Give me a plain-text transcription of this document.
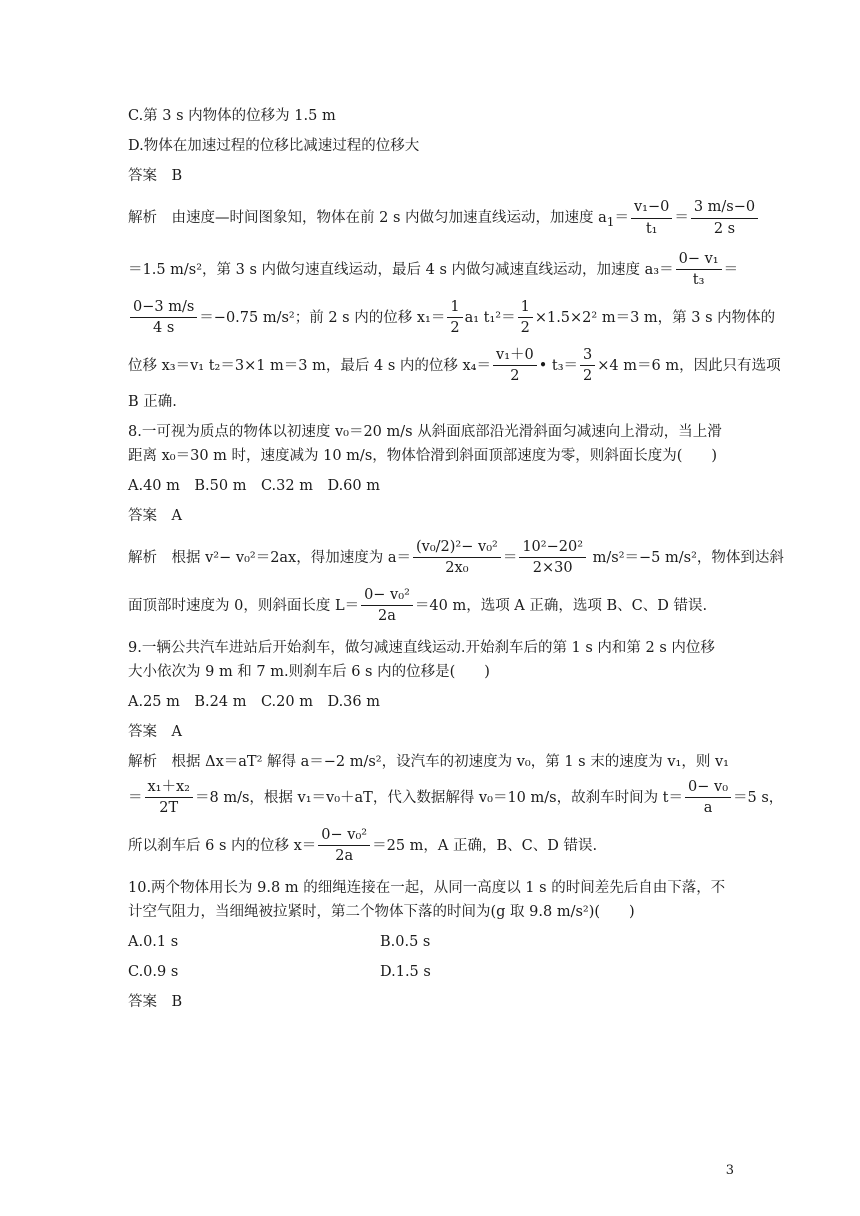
C.第 3 s 内物体的位移为 1.5 m

D.物体在加速过程的位移比减速过程的位移大

答案　B

解析　由速度—时间图象知，物体在前 2 s 内做匀加速直线运动，加速度 $a_1= \frac{\text{v₁−0}}{\text{t₁}} = \frac{3 m/s-0}{2 s}$

＝1.5 m/s²，第 3 s 内做匀速直线运动，最后 4 s 内做匀减速直线运动，加速度 $a_3= \frac{\text{0− v₁}}{\text{t₃}}$ ＝

$\frac{0-3 m/s}{4 s} =-0.75$ m/s²；前 2 s 内的位移 $x_1= \frac{1}{2} a_1$ $t_1^2= \frac{1}{2} \times 1.5\times 2^2$ m＝3 m，第 3 s 内物体的

位移 x₃＝v₁ t₂＝3×1 m＝3 m，最后 4 s 内的位移 $x_4= \frac{\text{v₁＋0}}{2}$ • $t_3= \frac{3}{2} \times 4$ m＝6 m，因此只有选项

B 正确.

8.一可视为质点的物体以初速度 v₀＝20 m/s 从斜面底部沿光滑斜面匀减速向上滑动，当上滑

距离 x₀＝30 m 时，速度减为 10 m/s，物体恰滑到斜面顶部速度为零，则斜面长度为(　　)

A.40 m　B.50 m　C.32 m　D.60 m

答案　A

解析　根据 v²− v₀²＝2ax，得加速度为 $a= \frac{\text{(v₀/2)²− v₀²}}{\text{2x₀}} = \frac{\text{10²−20²}}{2\times 30} m/s^2=-5$ m/s²，物体到达斜

面顶部时速度为 0，则斜面长度 $L= \frac{\text{0− v₀²}}{2a} =40$ m，选项 A 正确，选项 B、C、D 错误.

9.一辆公共汽车进站后开始刹车，做匀减速直线运动.开始刹车后的第 1 s 内和第 2 s 内位移

大小依次为 9 m 和 7 m.则刹车后 6 s 内的位移是(　　)

A.25 m　B.24 m　C.20 m　D.36 m

答案　A

解析　根据 Δx＝aT² 解得 a＝−2 m/s²，设汽车的初速度为 v₀，第 1 s 末的速度为 v₁，则 v₁

＝ $\frac{\text{x₁＋x₂}}{2T} =8$ m/s，根据 v₁＝v₀＋aT，代入数据解得 v₀＝10 m/s，故刹车时间为 $t= \frac{\text{0− v₀}}{a} =5$ s，

所以刹车后 6 s 内的位移 $x= \frac{\text{0− v₀²}}{2a} =25$ m，A 正确，B、C、D 错误.

10.两个物体用长为 9.8 m 的细绳连接在一起，从同一高度以 1 s 的时间差先后自由下落，不

计空气阻力，当细绳被拉紧时，第二个物体下落的时间为(g 取 9.8 m/s²)(　　)

A.0.1 s	B.0.5 s

C.0.9 s	D.1.5 s

答案　B

3
